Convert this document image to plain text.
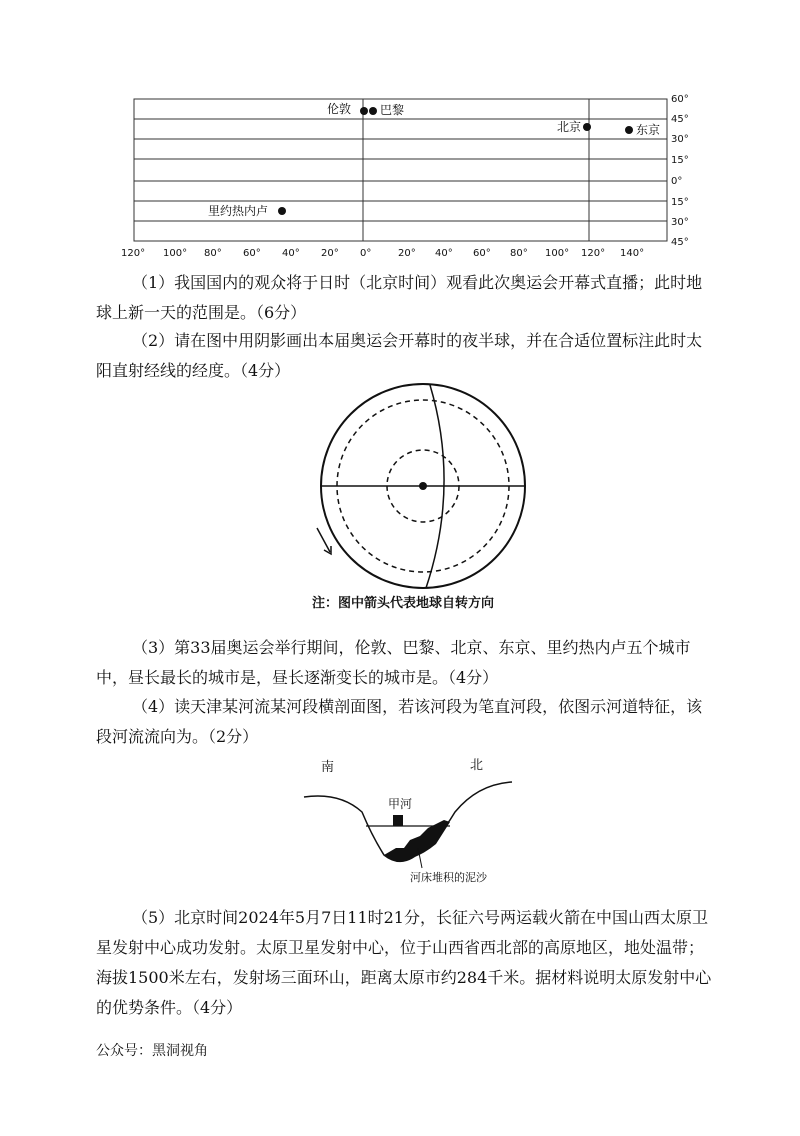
60°
45°
30°
15°
0°
15°
30°
45°
120° 100° 80° 60° 40° 20° 0°	20° 40° 60° 80° 100° 120° 140°
伦敦 巴黎
北京	东京
里约热内卢
注：图中箭头代表地球自转方向
南	北
甲河
河床堆积的泥沙

（1）我国国内的观众将于日时（北京时间）观看此次奥运会开幕式直播；此时地球上新一天的范围是。（6分）

（2）请在图中用阴影画出本届奥运会开幕时的夜半球，并在合适位置标注此时太阳直射经线的经度。（4分）

（3）第33届奥运会举行期间，伦敦、巴黎、北京、东京、里约热内卢五个城市中，昼长最长的城市是，昼长逐渐变长的城市是。（4分）

（4）读天津某河流某河段横剖面图，若该河段为笔直河段，依图示河道特征，该段河流流向为。（2分）

（5）北京时间2024年5月7日11时21分，长征六号两运载火箭在中国山西太原卫星发射中心成功发射。太原卫星发射中心，位于山西省西北部的高原地区，地处温带；海拔1500米左右，发射场三面环山，距离太原市约284千米。据材料说明太原发射中心的优势条件。（4分）

公众号：黑洞视角
